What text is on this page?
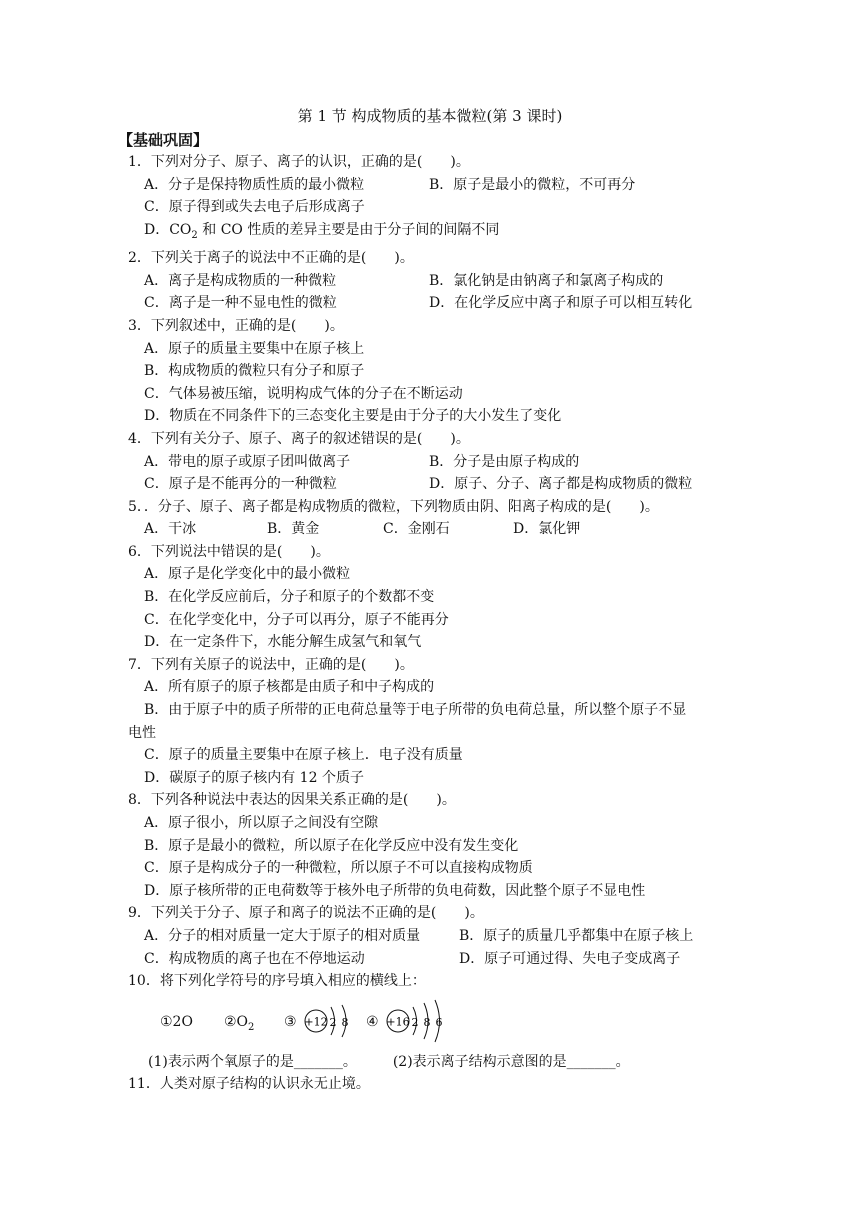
第 1 节 构成物质的基本微粒(第 3 课时)
【基础巩固】
1．下列对分子、原子、离子的认识，正确的是(　　)。
A．分子是保持物质性质的最小微粒	B．原子是最小的微粒，不可再分
C．原子得到或失去电子后形成离子
D．$CO_2$ 和 CO 性质的差异主要是由于分子间的间隔不同
2．下列关于离子的说法中不正确的是(　　)。
A．离子是构成物质的一种微粒	B．氯化钠是由钠离子和氯离子构成的
C．离子是一种不显电性的微粒	D．在化学反应中离子和原子可以相互转化
3．下列叙述中，正确的是(　　)。
A．原子的质量主要集中在原子核上
B．构成物质的微粒只有分子和原子
C．气体易被压缩，说明构成气体的分子在不断运动
D．物质在不同条件下的三态变化主要是由于分子的大小发生了变化
4．下列有关分子、原子、离子的叙述错误的是(　　)。
A．带电的原子或原子团叫做离子	B．分子是由原子构成的
C．原子是不能再分的一种微粒	D．原子、分子、离子都是构成物质的微粒
5．．分子、原子、离子都是构成物质的微粒，下列物质由阴、阳离子构成的是(　　)。
A．干冰	B．黄金	C．金刚石	D．氯化钾
6．下列说法中错误的是(　　)。
A．原子是化学变化中的最小微粒
B．在化学反应前后，分子和原子的个数都不变
C．在化学变化中，分子可以再分，原子不能再分
D．在一定条件下，水能分解生成氢气和氧气
7．下列有关原子的说法中，正确的是(　　)。
A．所有原子的原子核都是由质子和中子构成的
B．由于原子中的质子所带的正电荷总量等于电子所带的负电荷总量，所以整个原子不显
电性
C．原子的质量主要集中在原子核上．电子没有质量
D．碳原子的原子核内有 12 个质子
8．下列各种说法中表达的因果关系正确的是(　　)。
A．原子很小，所以原子之间没有空隙
B．原子是最小的微粒，所以原子在化学反应中没有发生变化
C．原子是构成分子的一种微粒，所以原子不可以直接构成物质
D．原子核所带的正电荷数等于核外电子所带的负电荷数，因此整个原子不显电性
9．下列关于分子、原子和离子的说法不正确的是(　　)。
A．分子的相对质量一定大于原子的相对质量	B．原子的质量几乎都集中在原子核上
C．构成物质的离子也在不停地运动	D．原子可通过得、失电子变成离子
10．将下列化学符号的序号填入相应的横线上：
①2O $②O_2$ ③ +12 2 8 ④ +16 2 8 6
(1)表示两个氧原子的是_______。	(2)表示离子结构示意图的是_______。
11．人类对原子结构的认识永无止境。
